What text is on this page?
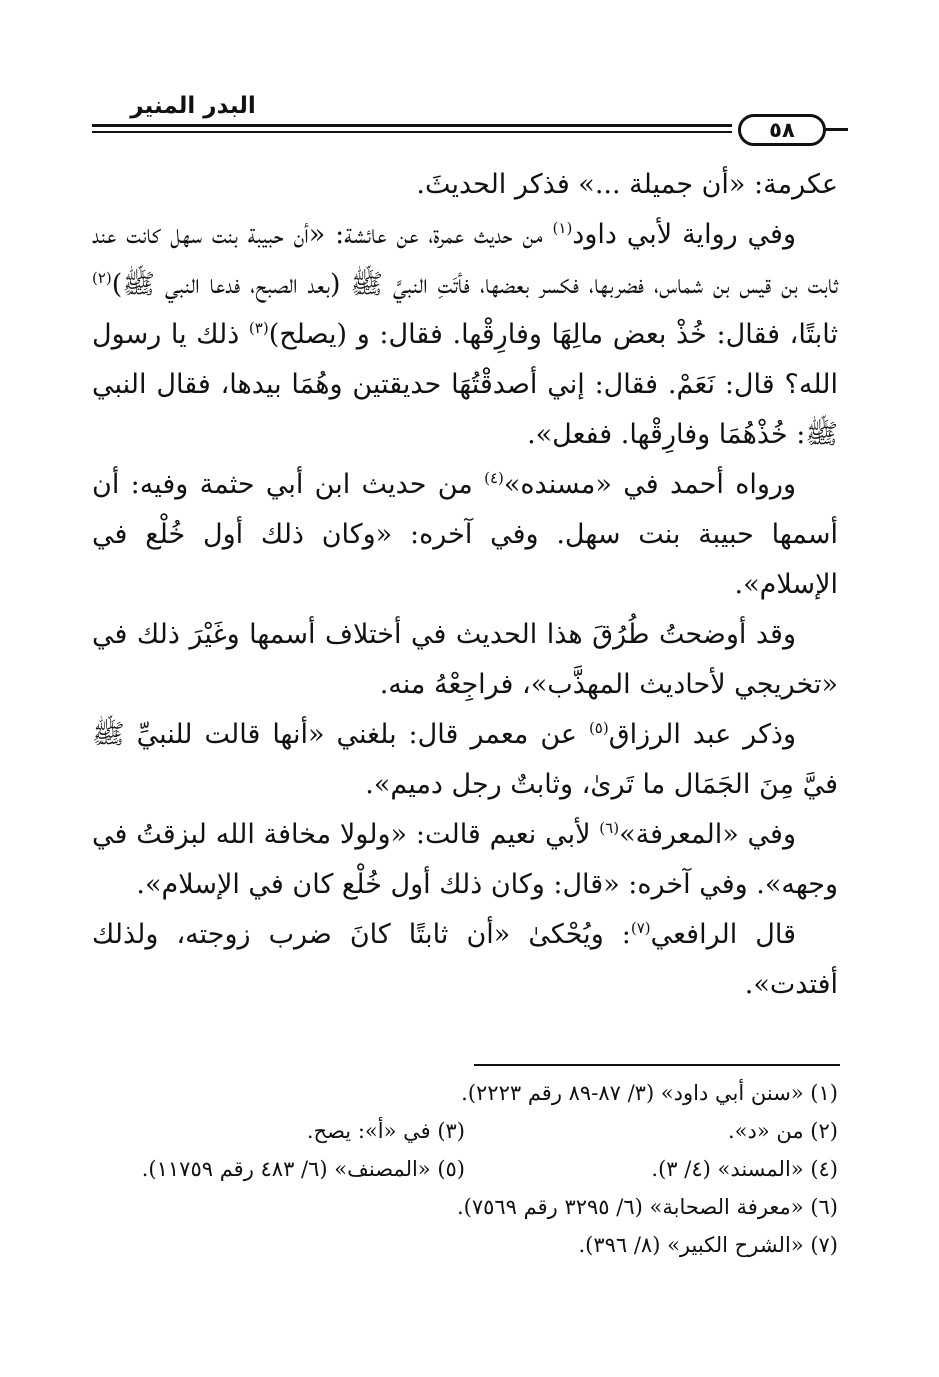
البدر المنير
٥٨

عكرمة: «أن جميلة ...» فذكر الحديثَ.

وفي رواية لأبي داود$^{(١)}$ من حديث عمرة، عن عائشة: «أن حبيبة بنت سهل كانت عند ثابت بن قيس بن شماس، فضربها، فكسر بعضها، فأتَتِ النبيَّ ﷺ (بعد الصبح، فدعا النبي ﷺ)$^{(٢)}$ ثابتًا، فقال: خُذْ بعض مالِهَا وفارِقْها. فقال: و (يصلح)$^{(٣)}$ ذلك يا رسول الله؟ قال: نَعَمْ. فقال: إني أصدقْتُهَا حديقتين وهُمَا بيدها، فقال النبي ﷺ: خُذْهُمَا وفارِقْها. ففعل».

ورواه أحمد في «مسنده»$^{(٤)}$ من حديث ابن أبي حثمة وفيه: أن أسمها حبيبة بنت سهل. وفي آخره: «وكان ذلك أول خُلْع في الإسلام».

وقد أوضحتُ طُرُقَ هذا الحديث في أختلاف أسمها وغَيْرَ ذلك في «تخريجي لأحاديث المهذَّب»، فراجِعْهُ منه.

وذكر عبد الرزاق$^{(٥)}$ عن معمر قال: بلغني «أنها قالت للنبيِّ ﷺ فيَّ مِنَ الجَمَال ما تَرىٰ، وثابتٌ رجل دميم».

وفي «المعرفة»$^{(٦)}$ لأبي نعيم قالت: «ولولا مخافة الله لبزقتُ في وجهه». وفي آخره: «قال: وكان ذلك أول خُلْع كان في الإسلام».

قال الرافعي$^{(٧)}$: ويُحْكىٰ «أن ثابتًا كانَ ضرب زوجته، ولذلك أفتدت».

(١) «سنن أبي داود» (٣/ ٨٧-٨٩ رقم ٢٢٢٣).
(٢) من «د».
(٣) في «أ»: يصح.
(٤) «المسند» (٤/ ٣).
(٥) «المصنف» (٦/ ٤٨٣ رقم ١١٧٥٩).
(٦) «معرفة الصحابة» (٦/ ٣٢٩٥ رقم ٧٥٦٩).
(٧) «الشرح الكبير» (٨/ ٣٩٦).
